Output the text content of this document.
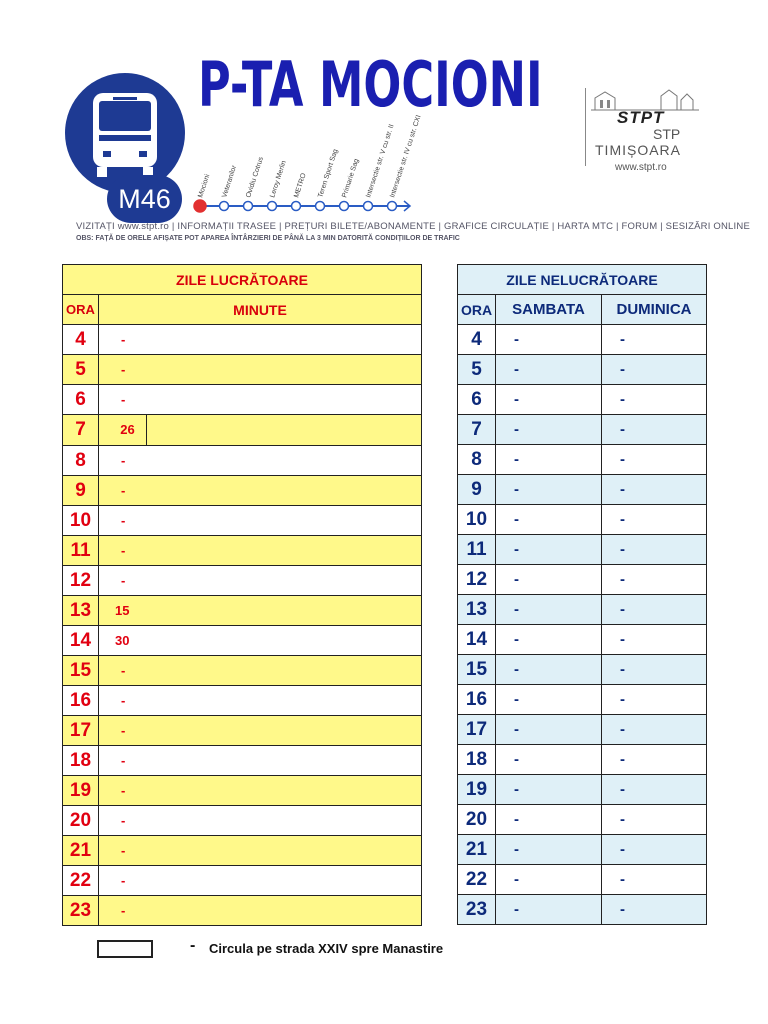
M46
P-TA MOCIONI
Mocioni Veteranilor Ovidiu Cotrus Leroy Merlin METRO Teren Sport Sag Primarie Sag Intersectie str. V cu str. II
Intersectie str. IV cu str. CXI	STPT
STP
TIMIȘOARA
www.stpt.ro
VIZITAȚI www.stpt.ro | INFORMAȚII TRASEE | PREȚURI BILETE/ABONAMENTE | GRAFICE CIRCULAȚIE | HARTA MTC | FORUM | SESIZĂRI ONLINE
OBS: FAȚĂ DE ORELE AFIȘATE POT APAREA ÎNTÂRZIERI DE PÂNĂ LA 3 MIN DATORITĂ CONDIȚIILOR DE TRAFIC
ZILE LUCRĂTOARE	
ORA	MINUTE
4	-
5	-
6	-
7	26
8	-
9	-
10	-
11	-
12	-
13	15
14	30
15	-
16	-
17	-
18	-
19	-
20	-
21	-
22	-
23	-
ZILE NELUCRĂTOARE		
ORA	SAMBATA	DUMINICA
4	-	-
5	-	-
6	-	-
7	-	-
8	-	-
9	-	-
10	-	-
11	-	-
12	-	-
13	-	-
14	-	-
15	-	-
16	-	-
17	-	-
18	-	-
19	-	-
20	-	-
21	-	-
22	-	-
23	-	-
- Circula pe strada XXIV spre Manastire
